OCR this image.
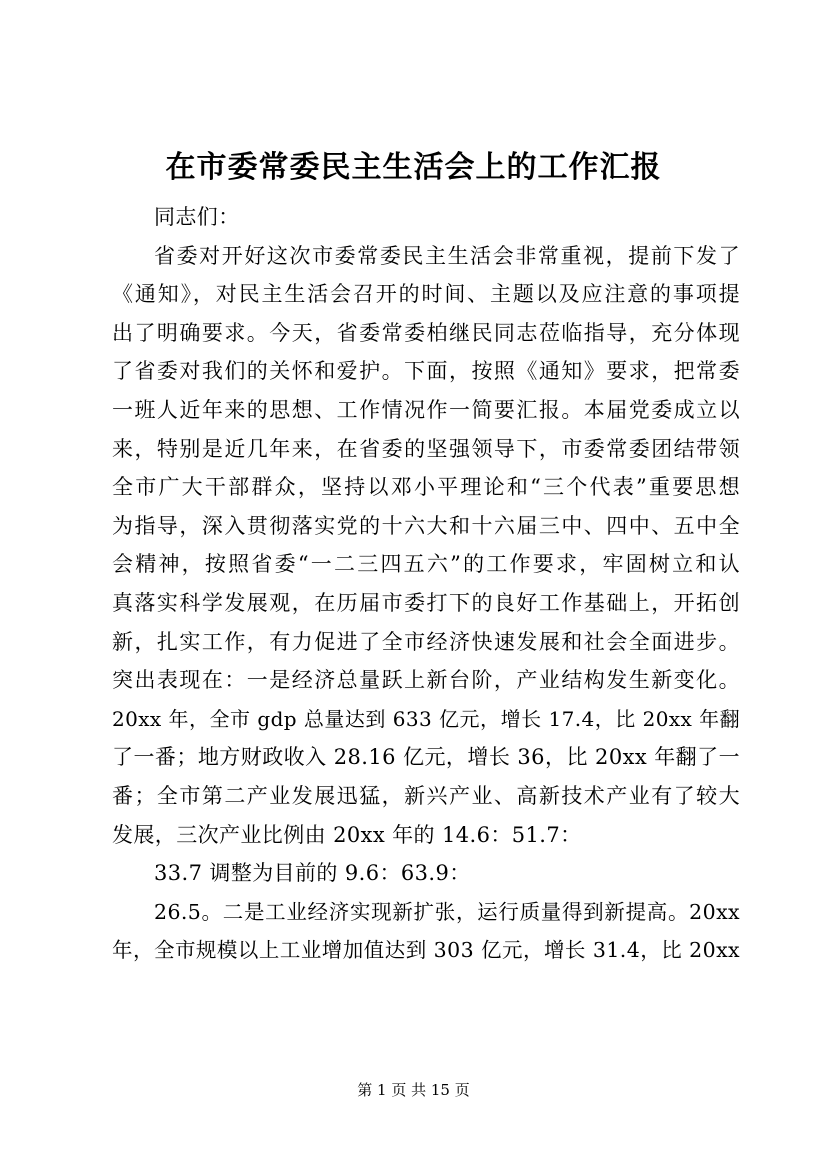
在市委常委民主生活会上的工作汇报
同志们：
省委对开好这次市委常委民主生活会非常重视，提前下发了
《通知》，对民主生活会召开的时间、主题以及应注意的事项提
出了明确要求。今天，省委常委柏继民同志莅临指导，充分体现
了省委对我们的关怀和爱护。下面，按照《通知》要求，把常委
一班人近年来的思想、工作情况作一简要汇报。本届党委成立以
来，特别是近几年来，在省委的坚强领导下，市委常委团结带领
全市广大干部群众，坚持以邓小平理论和“三个代表”重要思想
为指导，深入贯彻落实党的十六大和十六届三中、四中、五中全
会精神，按照省委“一二三四五六”的工作要求，牢固树立和认
真落实科学发展观，在历届市委打下的良好工作基础上，开拓创
新，扎实工作，有力促进了全市经济快速发展和社会全面进步。
突出表现在：一是经济总量跃上新台阶，产业结构发生新变化。
20xx 年，全市 gdp 总量达到 633 亿元，增长 17.4，比 20xx 年翻
了一番；地方财政收入 28.16 亿元，增长 36，比 20xx 年翻了一
番；全市第二产业发展迅猛，新兴产业、高新技术产业有了较大
发展，三次产业比例由 20xx 年的 14.6：51.7：
33.7 调整为目前的 9.6：63.9：
26.5。二是工业经济实现新扩张，运行质量得到新提高。20xx
年，全市规模以上工业增加值达到 303 亿元，增长 31.4，比 20xx
第 1 页 共 15 页
